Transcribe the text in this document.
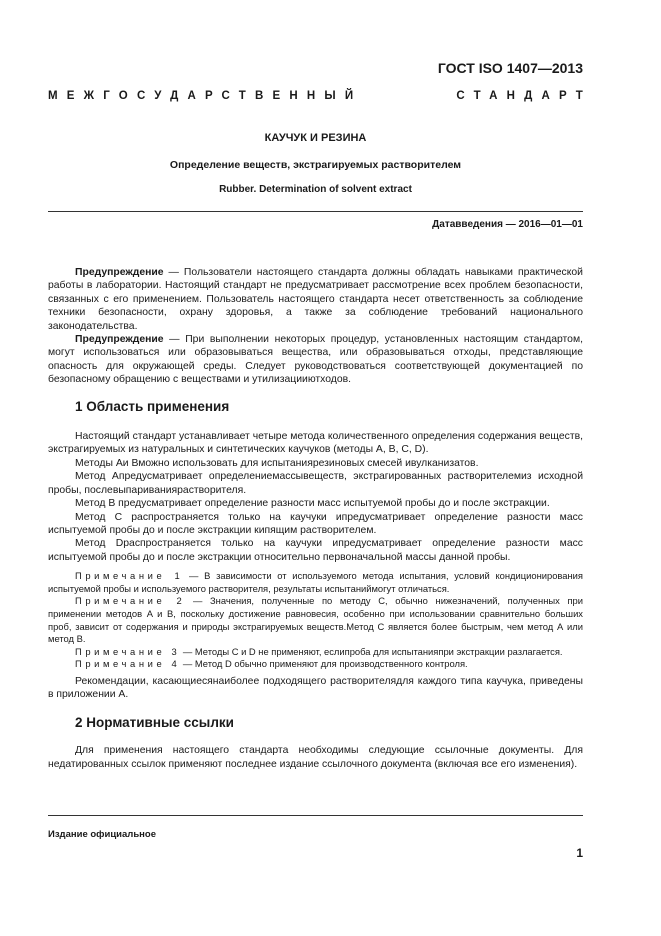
ГОСТ ISO 1407—2013
МЕЖГОСУДАРСТВЕННЫЙ	СТАНДАРТ
КАУЧУК И РЕЗИНА
Определение веществ, экстрагируемых растворителем
Rubber. Determination of solvent extract
Датавведения — 2016—01—01

Предупреждение — Пользователи настоящего стандарта должны обладать навыками практической работы в лаборатории. Настоящий стандарт не предусматривает рассмотрение всех проблем безопасности, связанных с его применением. Пользователь настоящего стандарта несет ответственность за соблюдение техники безопасности, охрану здоровья, а также за соблюдение требований национального законодательства.

Предупреждение — При выполнении некоторых процедур, установленных настоящим стандартом, могут использоваться или образовываться вещества, или образовываться отходы, представляющие опасность для окружающей среды. Следует руководствоваться соответствующей документацией по безопасному обращению с веществами и утилизацииютходов.

1 Область применения

Настоящий стандарт устанавливает четыре метода количественного определения содержания веществ, экстрагируемых из натуральных и синтетических каучуков (методы A, B, C, D).

Методы Aи Вможно использовать для испытаниярезиновых смесей ивулканизатов.

Метод Апредусматривает определениемассывеществ, экстрагированных растворителемиз исходной пробы, послевыпариваниярастворителя.

Метод В предусматривает определение разности масс испытуемой пробы до и после экстракции.

Метод С распространяется только на каучуки ипредусматривает определение разности масс испытуемой пробы до и после экстракции кипящим растворителем.

Метод Dраспространяется только на каучуки ипредусматривает определение разности масс испытуемой пробы до и после экстракции относительно первоначальной массы данной пробы.

Примечание 1 — В зависимости от используемого метода испытания, условий кондиционирования испытуемой пробы и используемого растворителя, результаты испытаниймогут отличаться.

Примечание 2 — Значения, полученные по методу С, обычно нижезначений, полученных при применении методов A и B, поскольку достижение равновесия, особенно при использовании сравнительно больших проб, зависит от содержания и природы экстрагируемых веществ.Метод С является более быстрым, чем метод А или метод В.

Примечание 3 — Методы С и D не применяют, еслипроба для испытанияпри экстракции разлагается.

Примечание 4 — Метод D обычно применяют для производственного контроля.

Рекомендации, касающиесянаиболее подходящего растворителядля каждого типа каучука, приведены в приложении А.

2 Нормативные ссылки

Для применения настоящего стандарта необходимы следующие ссылочные документы. Для недатированных ссылок применяют последнее издание ссылочного документа (включая все его изменения).

Издание официальное
1
